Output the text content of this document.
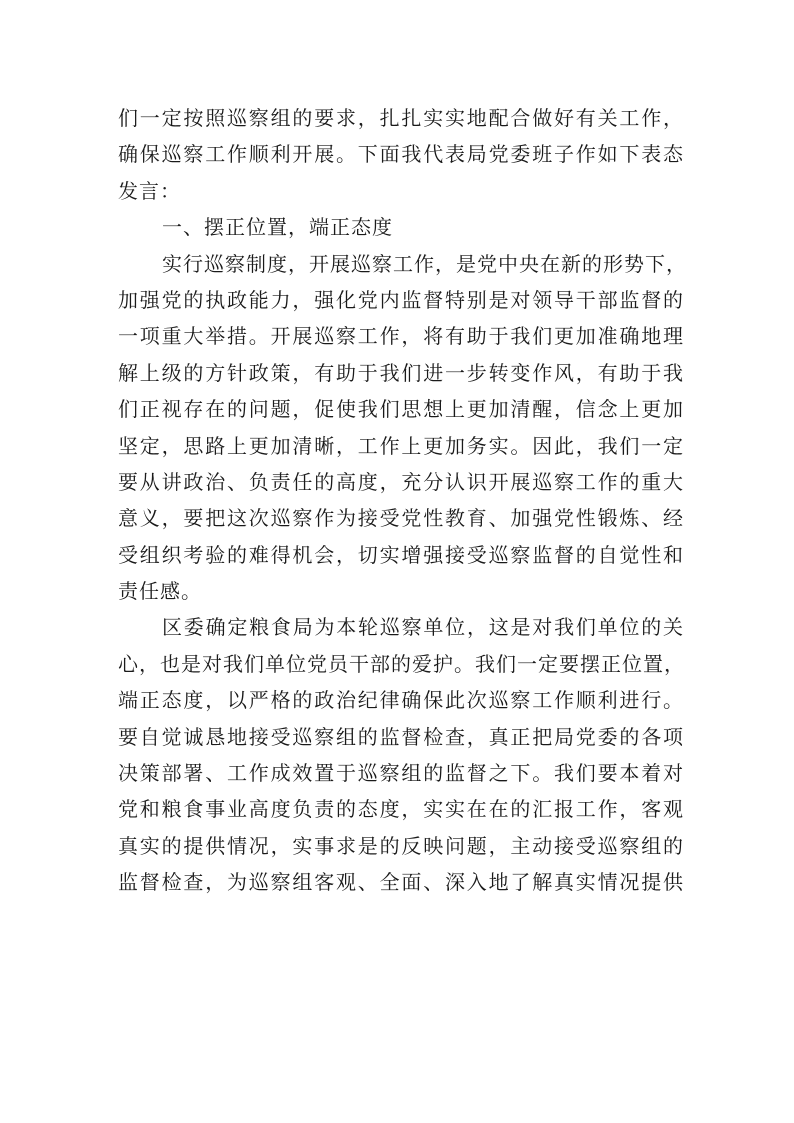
们一定按照巡察组的要求，扎扎实实地配合做好有关工作，
确保巡察工作顺利开展。下面我代表局党委班子作如下表态
发言：
一、摆正位置，端正态度
实行巡察制度，开展巡察工作，是党中央在新的形势下，
加强党的执政能力，强化党内监督特别是对领导干部监督的
一项重大举措。开展巡察工作，将有助于我们更加准确地理
解上级的方针政策，有助于我们进一步转变作风，有助于我
们正视存在的问题，促使我们思想上更加清醒，信念上更加
坚定，思路上更加清晰，工作上更加务实。因此，我们一定
要从讲政治、负责任的高度，充分认识开展巡察工作的重大
意义，要把这次巡察作为接受党性教育、加强党性锻炼、经
受组织考验的难得机会，切实增强接受巡察监督的自觉性和
责任感。
区委确定粮食局为本轮巡察单位，这是对我们单位的关
心，也是对我们单位党员干部的爱护。我们一定要摆正位置，
端正态度，以严格的政治纪律确保此次巡察工作顺利进行。
要自觉诚恳地接受巡察组的监督检查，真正把局党委的各项
决策部署、工作成效置于巡察组的监督之下。我们要本着对
党和粮食事业高度负责的态度，实实在在的汇报工作，客观
真实的提供情况，实事求是的反映问题，主动接受巡察组的
监督检查，为巡察组客观、全面、深入地了解真实情况提供
